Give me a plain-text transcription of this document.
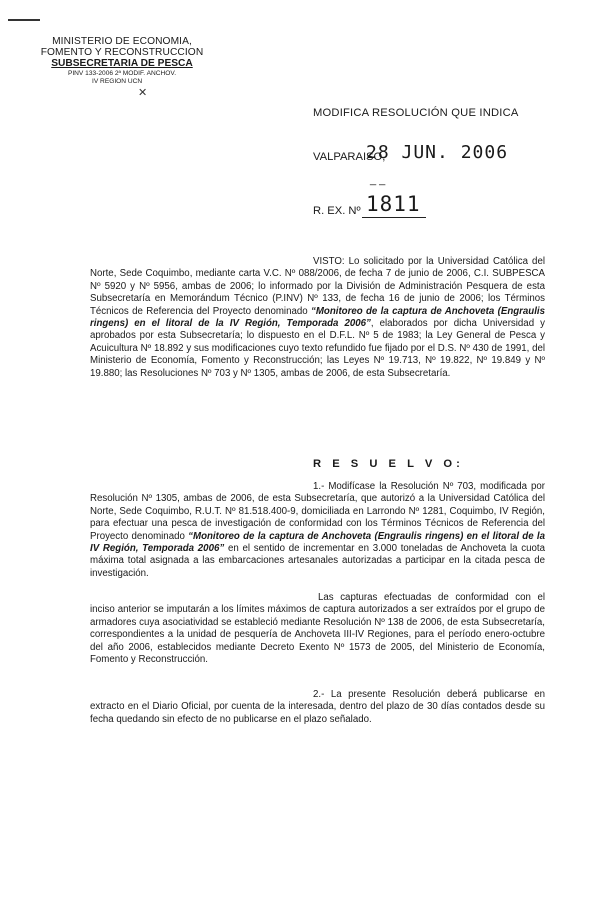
MINISTERIO DE ECONOMIA,
FOMENTO Y RECONSTRUCCION
SUBSECRETARIA DE PESCA
PINV 133-2006 2ª MODIF. ANCHOV.
IV REGION UCN
✕
MODIFICA RESOLUCIÓN QUE INDICA
VALPARAISO,
28 JUN. 2006
_ _
R. EX. Nº 1811

VISTO: Lo solicitado por la Universidad Católica del Norte, Sede Coquimbo, mediante carta V.C. Nº 088/2006, de fecha 7 de junio de 2006, C.I. SUBPESCA Nº 5920 y Nº 5956, ambas de 2006; lo informado por la División de Administración Pesquera de esta Subsecretaría en Memorándum Técnico (P.INV) Nº 133, de fecha 16 de junio de 2006; los Términos Técnicos de Referencia del Proyecto denominado “Monitoreo de la captura de Anchoveta (Engraulis ringens) en el litoral de la IV Región, Temporada 2006”, elaborados por dicha Universidad y aprobados por esta Subsecretaría; lo dispuesto en el D.F.L. Nº 5 de 1983; la Ley General de Pesca y Acuicultura Nº 18.892 y sus modificaciones cuyo texto refundido fue fijado por el D.S. Nº 430 de 1991, del Ministerio de Economía, Fomento y Reconstrucción; las Leyes Nº 19.713, Nº 19.822, Nº 19.849 y Nº 19.880; las Resoluciones Nº 703 y Nº 1305, ambas de 2006, de esta Subsecretaría.

R E S U E L V O:

1.- Modifícase la Resolución Nº 703, modificada por Resolución Nº 1305, ambas de 2006, de esta Subsecretaría, que autorizó a la Universidad Católica del Norte, Sede Coquimbo, R.U.T. Nº 81.518.400-9, domiciliada en Larrondo Nº 1281, Coquimbo, IV Región, para efectuar una pesca de investigación de conformidad con los Términos Técnicos de Referencia del Proyecto denominado “Monitoreo de la captura de Anchoveta (Engraulis ringens) en el litoral de la IV Región, Temporada 2006” en el sentido de incrementar en 3.000 toneladas de Anchoveta la cuota máxima total asignada a las embarcaciones artesanales autorizadas a participar en la citada pesca de investigación.

Las capturas efectuadas de conformidad con el inciso anterior se imputarán a los límites máximos de captura autorizados a ser extraídos por el grupo de armadores cuya asociatividad se estableció mediante Resolución Nº 138 de 2006, de esta Subsecretaría, correspondientes a la unidad de pesquería de Anchoveta III-IV Regiones, para el período enero-octubre del año 2006, establecidos mediante Decreto Exento Nº 1573 de 2005, del Ministerio de Economía, Fomento y Reconstrucción.

2.- La presente Resolución deberá publicarse en extracto en el Diario Oficial, por cuenta de la interesada, dentro del plazo de 30 días contados desde su fecha quedando sin efecto de no publicarse en el plazo señalado.
